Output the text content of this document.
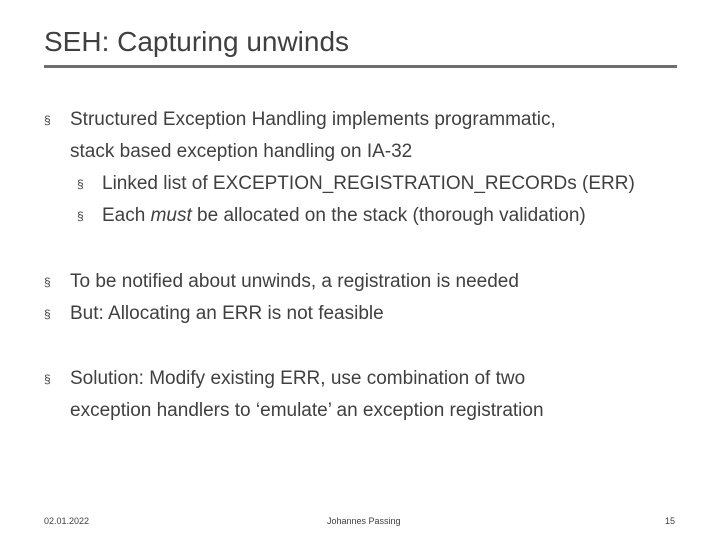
SEH: Capturing unwinds
§ Structured Exception Handling implements programmatic,
stack based exception handling on IA-32
§ Linked list of EXCEPTION_REGISTRATION_RECORDs (ERR)
§ Each must be allocated on the stack (thorough validation)
§ To be notified about unwinds, a registration is needed
§ But: Allocating an ERR is not feasible
§ Solution: Modify existing ERR, use combination of two
exception handlers to ‘emulate’ an exception registration
02.01.2022	Johannes Passing	15
